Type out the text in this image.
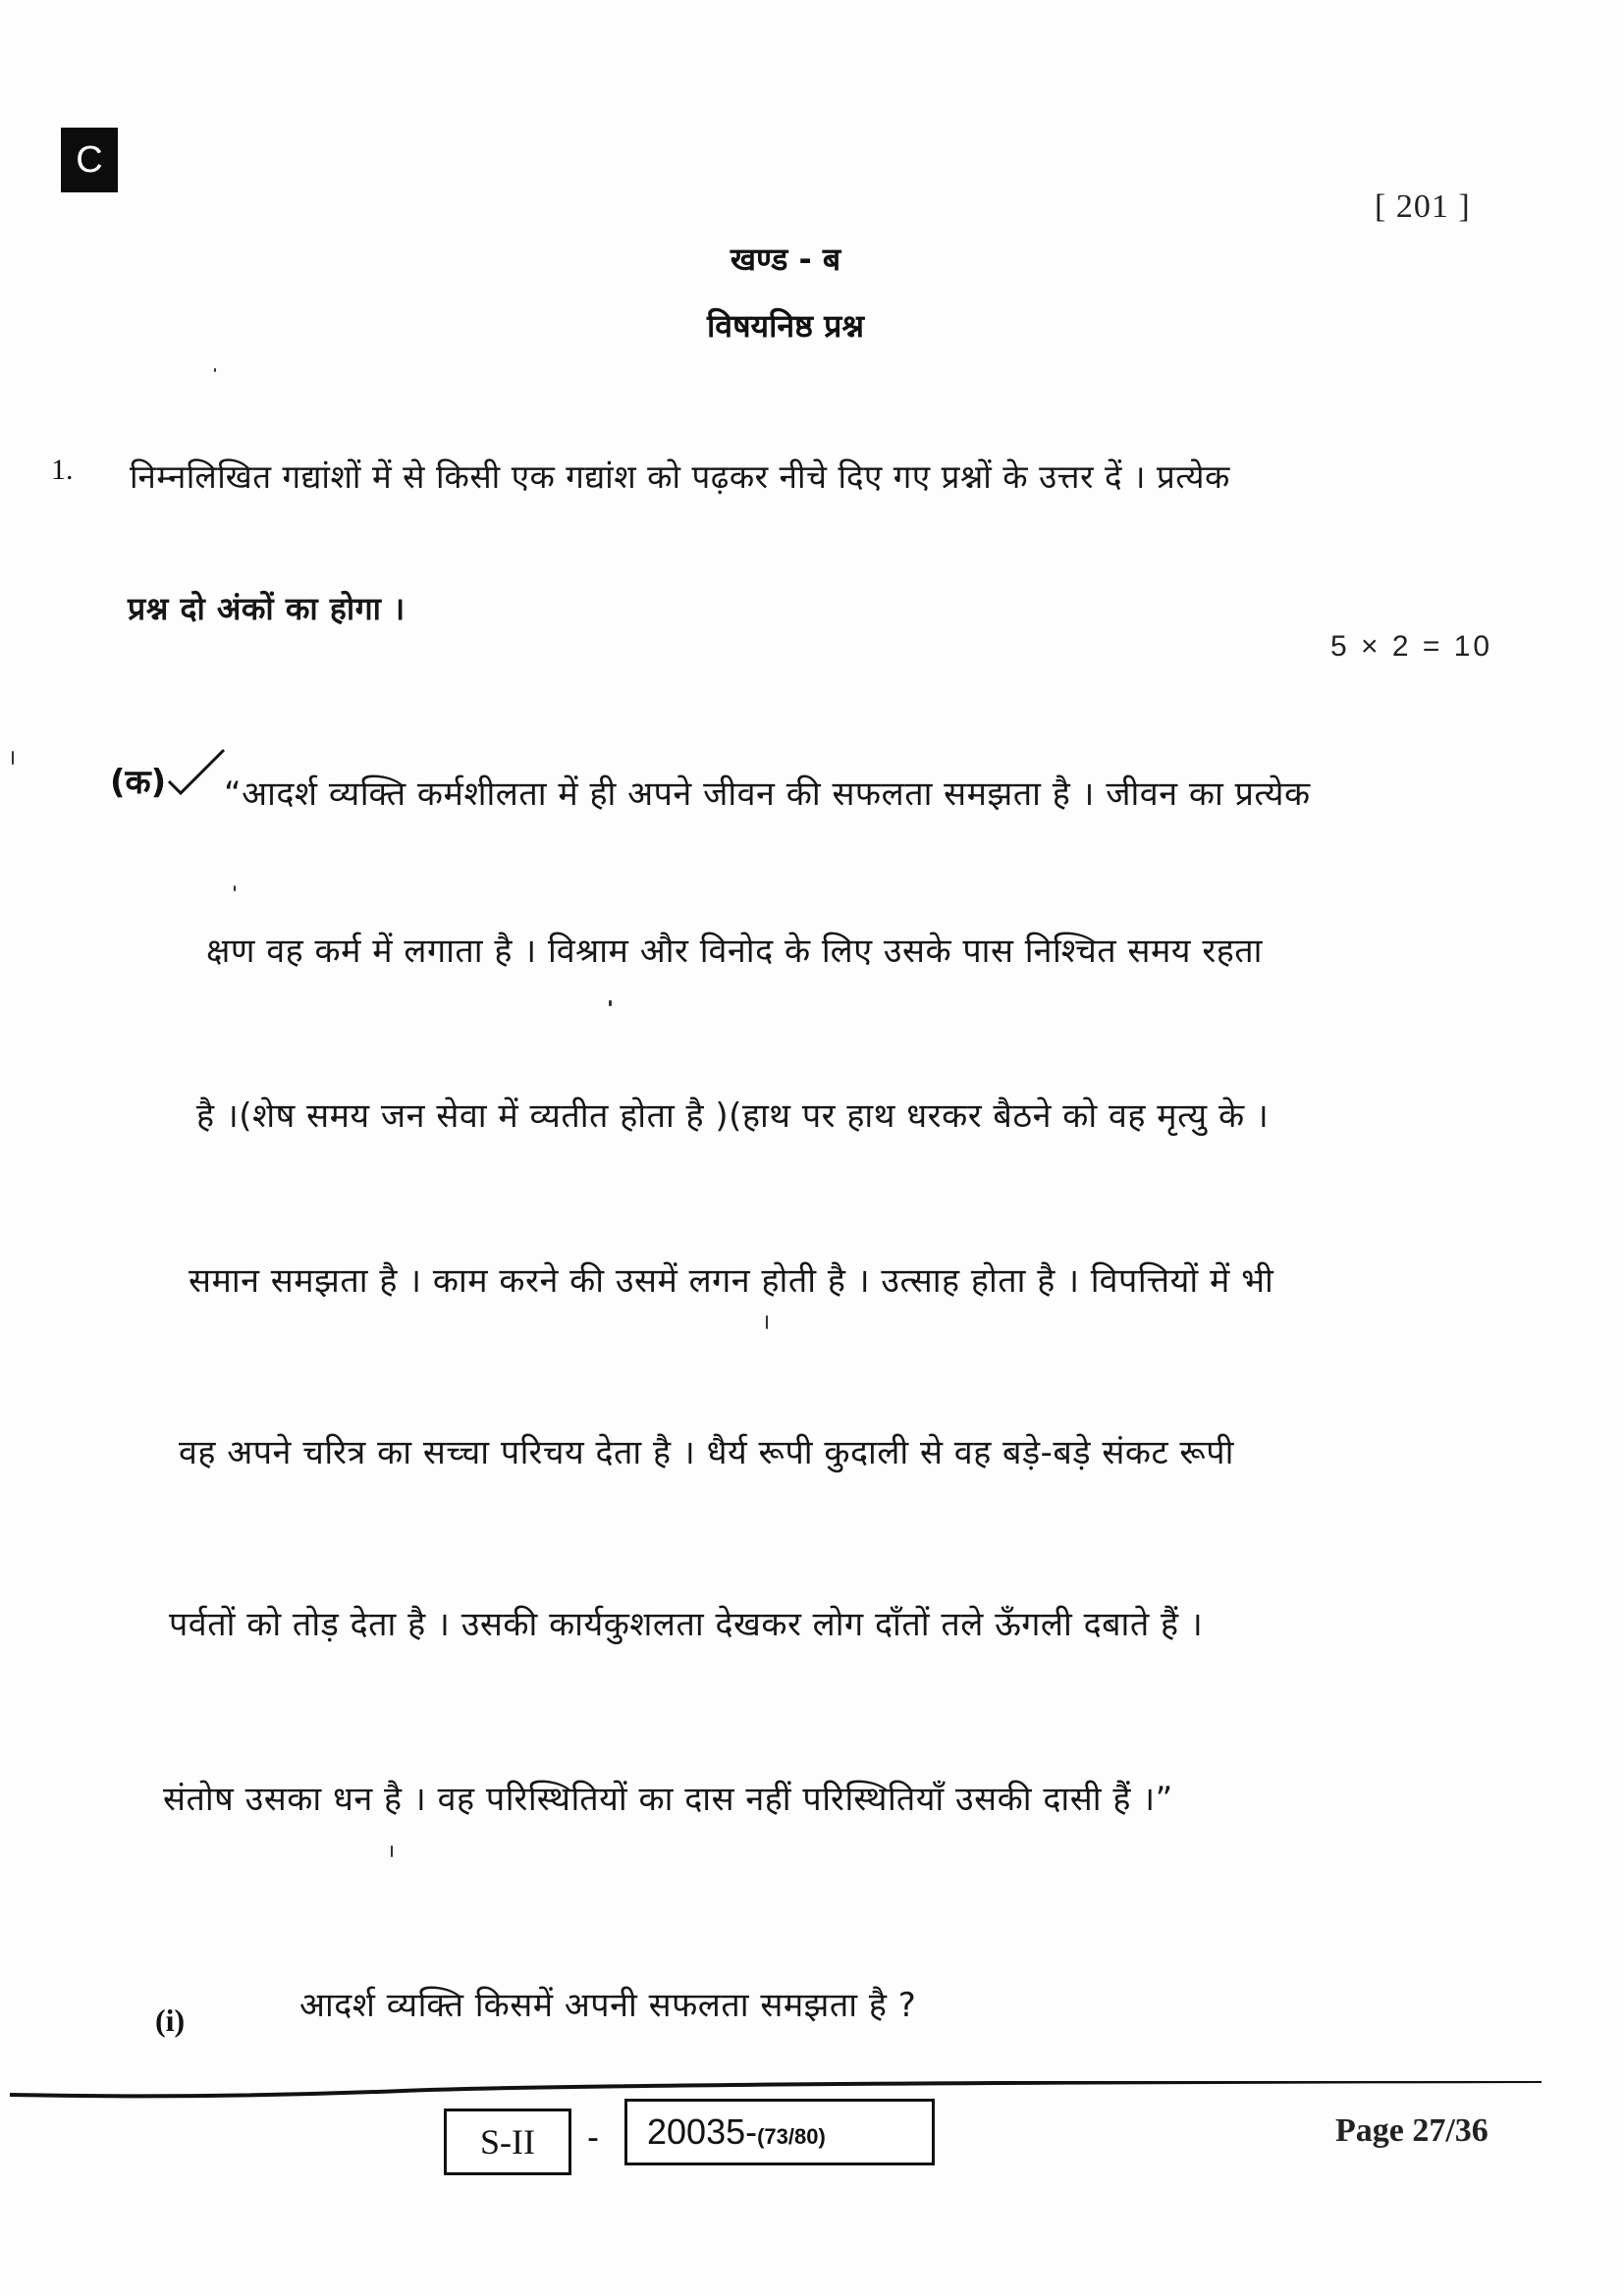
C
[ 201 ]
खण्ड - ब
विषयनिष्ठ प्रश्न
1. निम्नलिखित गद्यांशों में से किसी एक गद्यांश को पढ़कर नीचे दिए गए प्रश्नों के उत्तर दें । प्रत्येक
प्रश्न दो अंकों का होगा ।
5 × 2 = 10
(क) “आदर्श व्यक्ति कर्मशीलता में ही अपने जीवन की सफलता समझता है । जीवन का प्रत्येक
क्षण वह कर्म में लगाता है । विश्राम और विनोद के लिए उसके पास निश्चित समय रहता
है ।(शेष समय जन सेवा में व्यतीत होता है )(हाथ पर हाथ धरकर बैठने को वह मृत्यु के ।
समान समझता है । काम करने की उसमें लगन होती है । उत्साह होता है । विपत्तियों में भी
वह अपने चरित्र का सच्चा परिचय देता है । धैर्य रूपी कुदाली से वह बड़े-बड़े संकट रूपी
पर्वतों को तोड़ देता है । उसकी कार्यकुशलता देखकर लोग दाँतों तले ऊँगली दबाते हैं ।
संतोष उसका धन है । वह परिस्थितियों का दास नहीं परिस्थितियाँ उसकी दासी हैं ।”
(i)	आदर्श व्यक्ति किसमें अपनी सफलता समझता है ?
S-II	-	20035-(73/80)	Page 27/36
